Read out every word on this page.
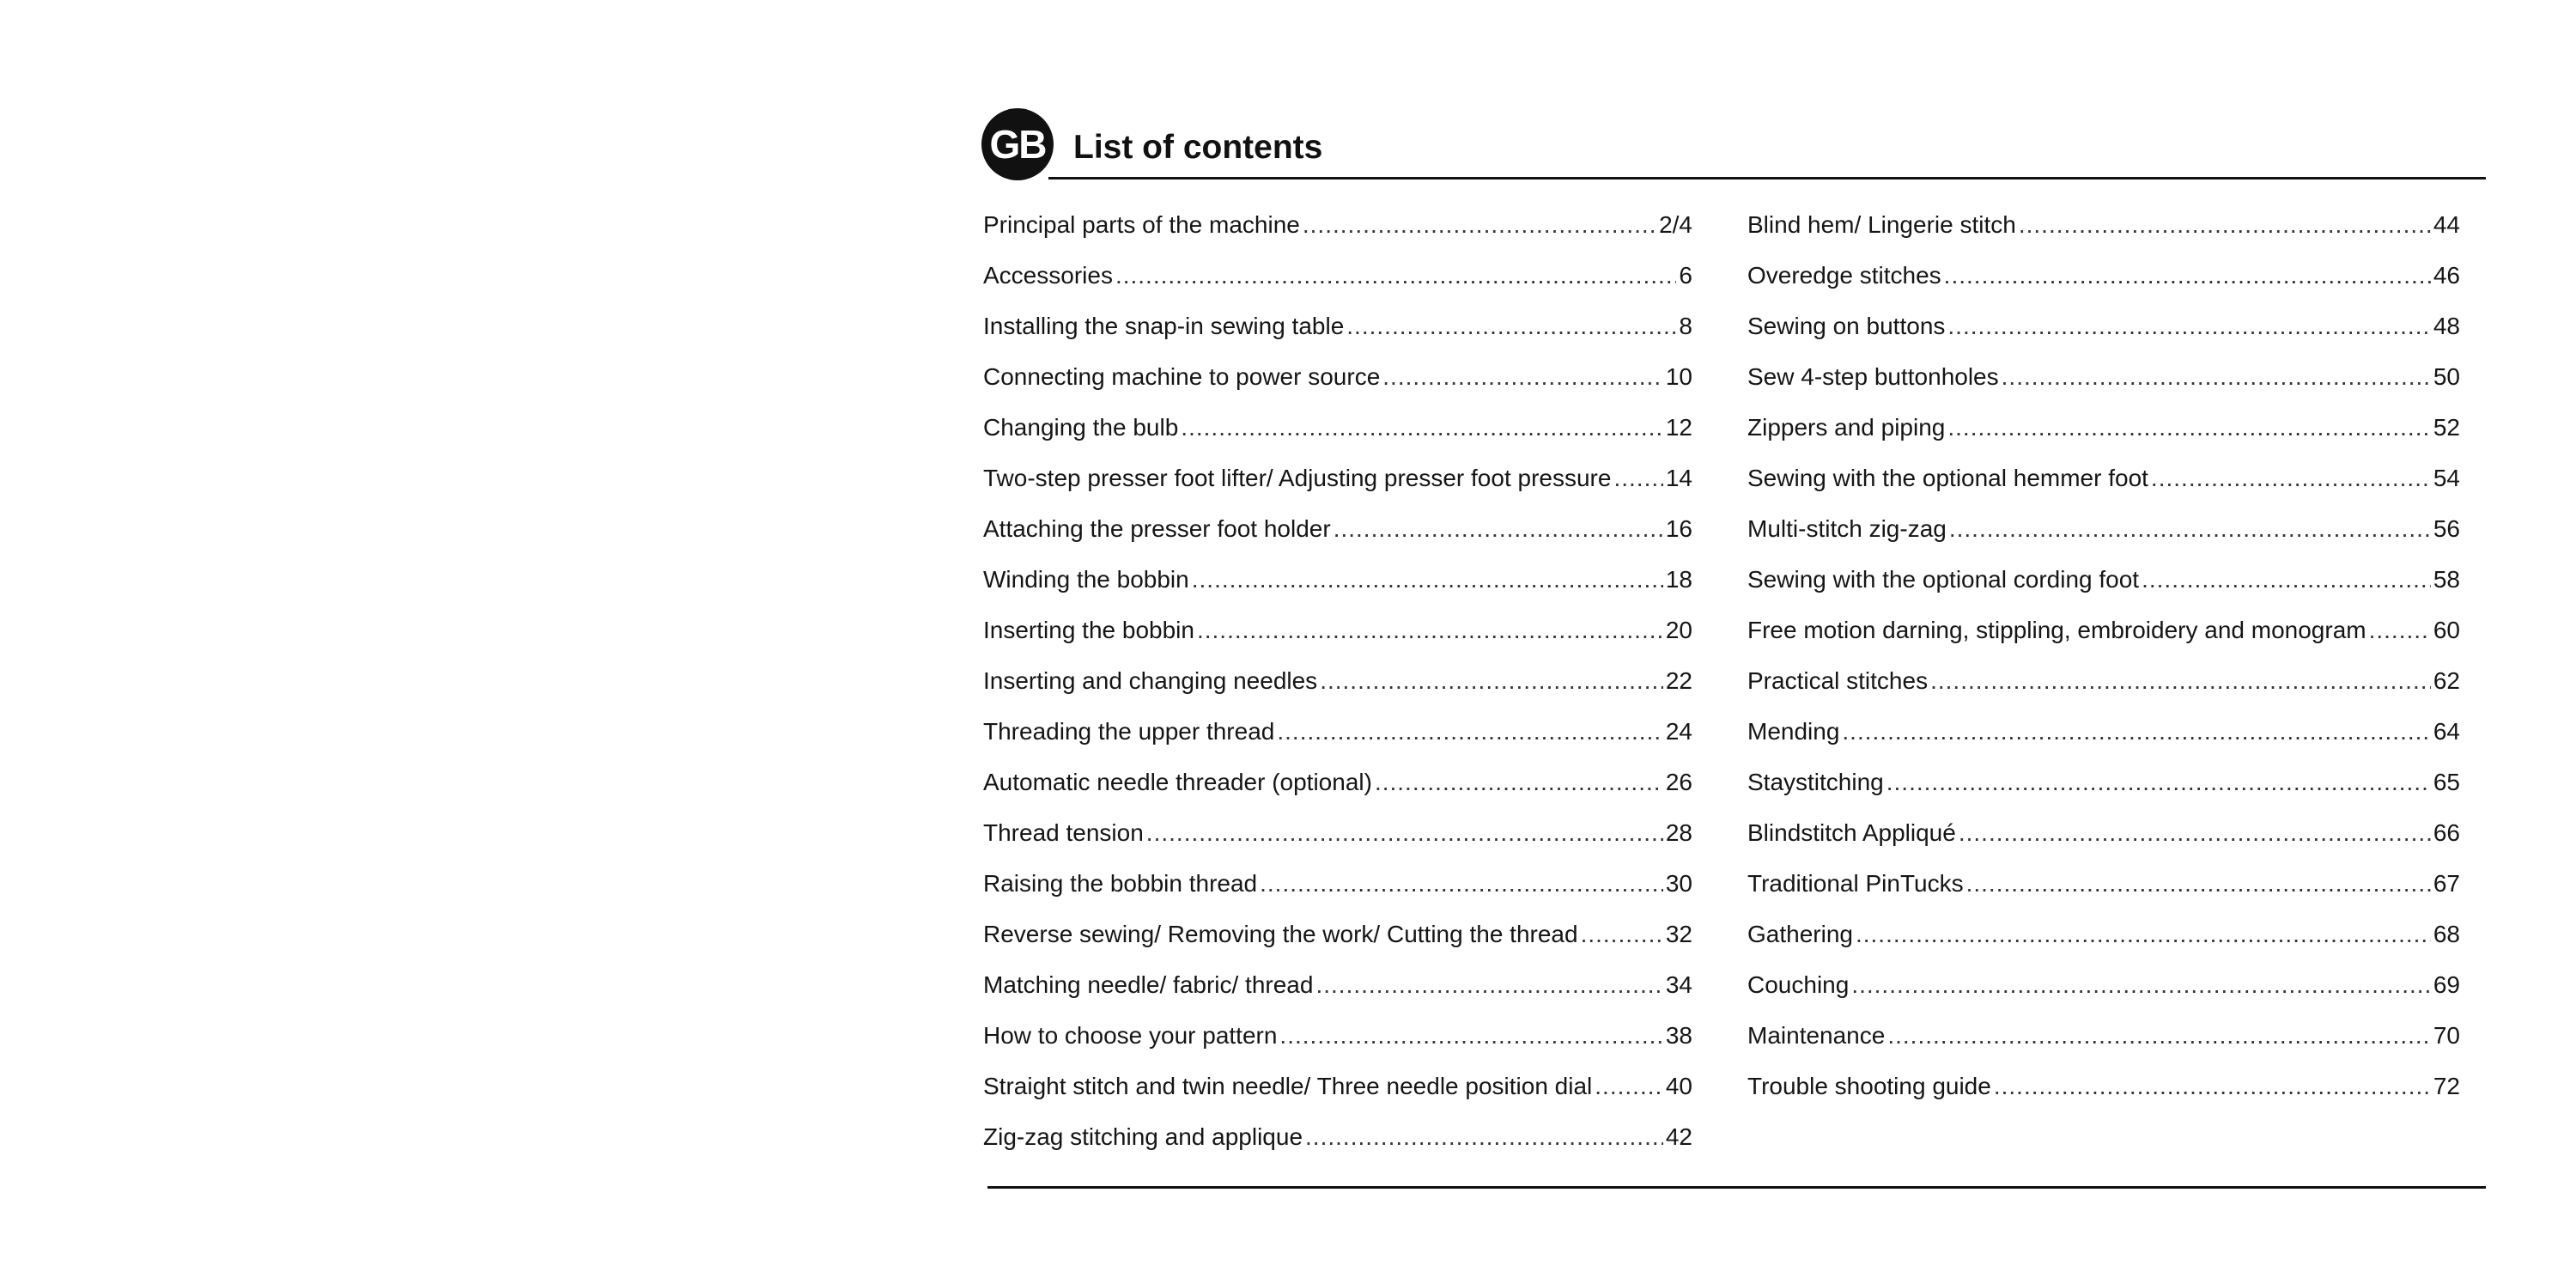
GB List of contents
Principal parts of the machine .....	2/4
Accessories .....	6
Installing the snap-in sewing table .....	8
Connecting machine to power source .....	10
Changing the bulb .....	12
Two-step presser foot lifter/ Adjusting presser foot pressure ..... 14
Attaching the presser foot holder .....	16
Winding the bobbin .....	18
Inserting the bobbin .....	20
Inserting and changing needles .....	22
Threading the upper thread .....	24
Automatic needle threader (optional) .....	26
Thread tension .....	28
Raising the bobbin thread .....	30
Reverse sewing/ Removing the work/ Cutting the thread .....	32
Matching needle/ fabric/ thread .....	34
How to choose your pattern .....	38
Straight stitch and twin needle/ Three needle position dial .....	40
Zig-zag stitching and applique .....	42
Blind hem/ Lingerie stitch .....	44
Overedge stitches .....	46
Sewing on buttons .....	48
Sew 4-step buttonholes .....	50
Zippers and piping .....	52
Sewing with the optional hemmer foot .....	54
Multi-stitch zig-zag .....	56
Sewing with the optional cording foot .....	58
Free motion darning, stippling, embroidery and monogram .....	60
Practical stitches .....	62
Mending .....	64
Staystitching .....	65
Blindstitch Appliqué .....	66
Traditional PinTucks .....	67
Gathering .....	68
Couching .....	69
Maintenance .....	70
Trouble shooting guide .....	72
